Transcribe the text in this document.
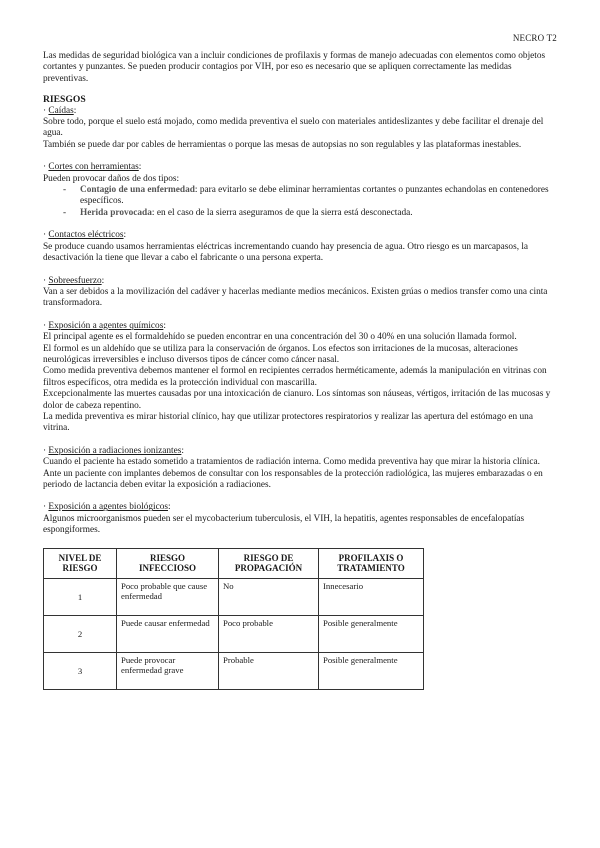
NECRO T2

Las medidas de seguridad biológica van a incluir condiciones de profilaxis y formas de manejo adecuadas con elementos como objetos cortantes y punzantes. Se pueden producir contagios por VIH, por eso es necesario que se apliquen correctamente las medidas preventivas.

RIESGOS

· Caídas:

Sobre todo, porque el suelo está mojado, como medida preventiva el suelo con materiales antideslizantes y debe facilitar el drenaje del agua.

También se puede dar por cables de herramientas o porque las mesas de autopsias no son regulables y las plataformas inestables.

· Cortes con herramientas:

Pueden provocar daños de dos tipos:

- Contagio de una enfermedad: para evitarlo se debe eliminar herramientas cortantes o punzantes echandolas en contenedores específicos.
- Herida provocada: en el caso de la sierra aseguramos de que la sierra está desconectada.
· Contactos eléctricos:

Se produce cuando usamos herramientas eléctricas incrementando cuando hay presencia de agua. Otro riesgo es un marcapasos, la desactivación la tiene que llevar a cabo el fabricante o una persona experta.

· Sobreesfuerzo:

Van a ser debidos a la movilización del cadáver y hacerlas mediante medios mecánicos. Existen grúas o medios transfer como una cinta transformadora.

· Exposición a agentes químicos:

El principal agente es el formaldehído se pueden encontrar en una concentración del 30 o 40% en una solución llamada formol.

El formol es un aldehído que se utiliza para la conservación de órganos. Los efectos son irritaciones de la mucosas, alteraciones neurológicas irreversibles e incluso diversos tipos de cáncer como cáncer nasal.

Como medida preventiva debemos mantener el formol en recipientes cerrados herméticamente, además la manipulación en vitrinas con filtros específicos, otra medida es la protección individual con mascarilla.

Excepcionalmente las muertes causadas por una intoxicación de cianuro. Los síntomas son náuseas, vértigos, irritación de las mucosas y dolor de cabeza repentino.

La medida preventiva es mirar historial clínico, hay que utilizar protectores respiratorios y realizar las apertura del estómago en una vitrina.

· Exposición a radiaciones ionizantes:

Cuando el paciente ha estado sometido a tratamientos de radiación interna. Como medida preventiva hay que mirar la historia clínica. Ante un paciente con implantes debemos de consultar con los responsables de la protección radiológica, las mujeres embarazadas o en periodo de lactancia deben evitar la exposición a radiaciones.

· Exposición a agentes biológicos:

Algunos microorganismos pueden ser el mycobacterium tuberculosis, el VIH, la hepatitis, agentes responsables de encefalopatías espongiformes.

NIVEL DE RIESGO	RIESGO INFECCIOSO	RIESGO DE PROPAGACIÓN	PROFILAXIS O TRATAMIENTO
1	Poco probable que cause enfermedad	No	Innecesario
2	Puede causar enfermedad	Poco probable	Posible generalmente
3	Puede provocar enfermedad grave	Probable	Posible generalmente
